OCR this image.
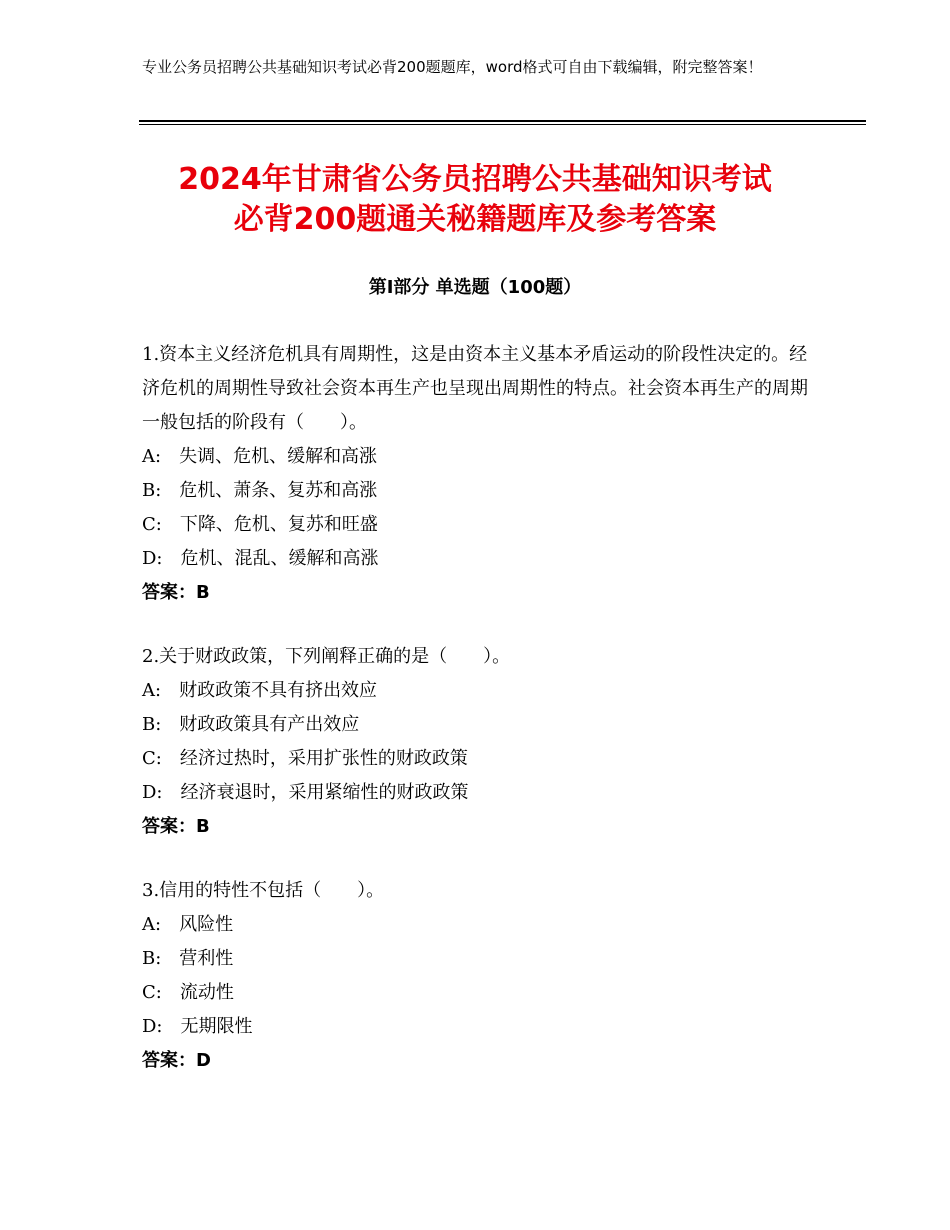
专业公务员招聘公共基础知识考试必背200题题库，word格式可自由下载编辑，附完整答案！
2024年甘肃省公务员招聘公共基础知识考试
必背200题通关秘籍题库及参考答案
第Ⅰ部分 单选题（100题）
1.资本主义经济危机具有周期性，这是由资本主义基本矛盾运动的阶段性决定的。经济危机的周期性导致社会资本再生产也呈现出周期性的特点。社会资本再生产的周期一般包括的阶段有（　　）。
A:　失调、危机、缓解和高涨
B:　危机、萧条、复苏和高涨
C:　下降、危机、复苏和旺盛
D:　危机、混乱、缓解和高涨
答案：B
2.关于财政政策，下列阐释正确的是（　　）。
A:　财政政策不具有挤出效应
B:　财政政策具有产出效应
C:　经济过热时，采用扩张性的财政政策
D:　经济衰退时，采用紧缩性的财政政策
答案：B
3.信用的特性不包括（　　）。
A:　风险性
B:　营利性
C:　流动性
D:　无期限性
答案：D
